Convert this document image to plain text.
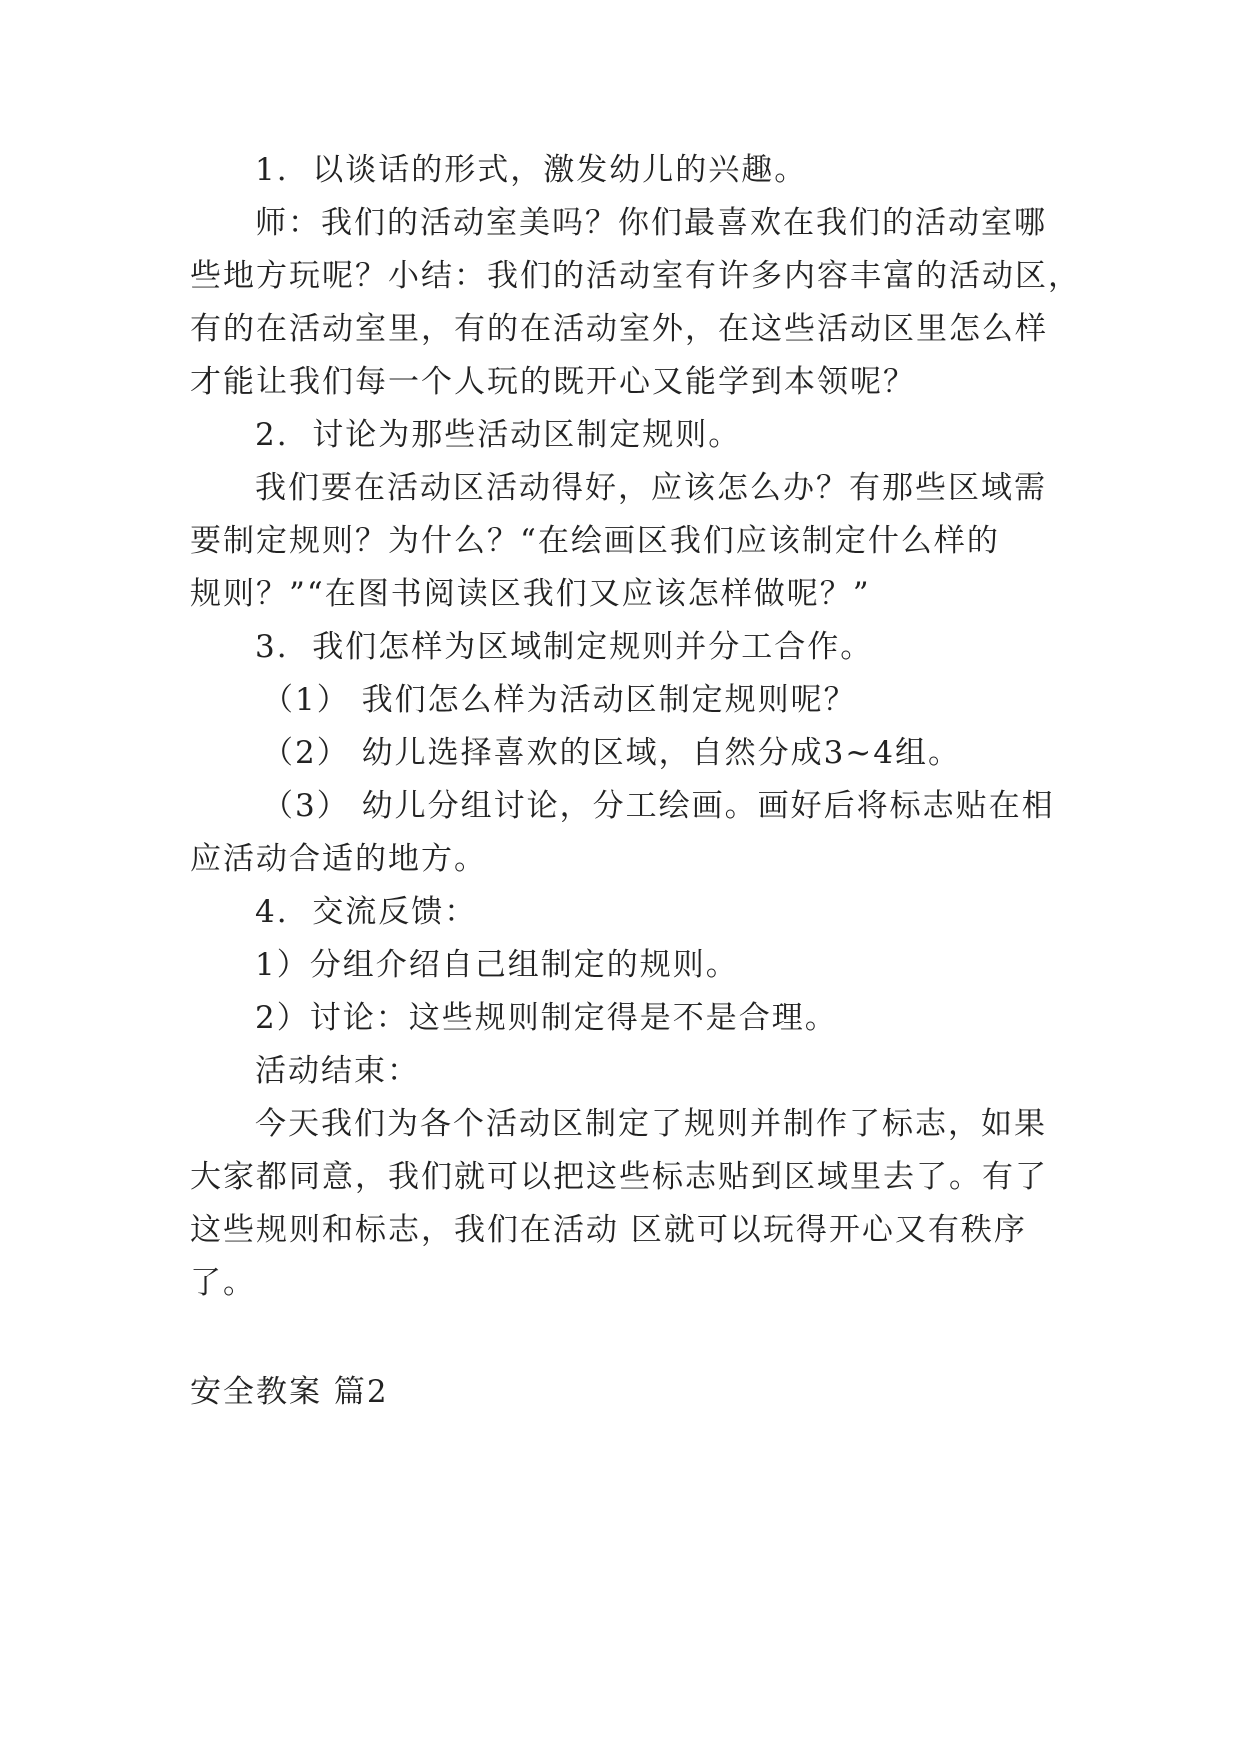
1.  以谈话的形式，激发幼儿的兴趣。
师：我们的活动室美吗？你们最喜欢在我们的活动室哪
些地方玩呢？小结：我们的活动室有许多内容丰富的活动区，
有的在活动室里，有的在活动室外，在这些活动区里怎么样
才能让我们每一个人玩的既开心又能学到本领呢？
2.  讨论为那些活动区制定规则。
我们要在活动区活动得好，应该怎么办？有那些区域需
要制定规则？为什么？“在绘画区我们应该制定什么样的
规则？”“在图书阅读区我们又应该怎样做呢？”
3.  我们怎样为区域制定规则并分工合作。
（1） 我们怎么样为活动区制定规则呢？
（2） 幼儿选择喜欢的区域，自然分成3~4组。
（3） 幼儿分组讨论，分工绘画。画好后将标志贴在相
应活动合适的地方。
4.  交流反馈：
1）分组介绍自己组制定的规则。
2）讨论：这些规则制定得是不是合理。
活动结束：
今天我们为各个活动区制定了规则并制作了标志，如果
大家都同意，我们就可以把这些标志贴到区域里去了。有了
这些规则和标志，我们在活动 区就可以玩得开心又有秩序
了。
安全教案 篇2
